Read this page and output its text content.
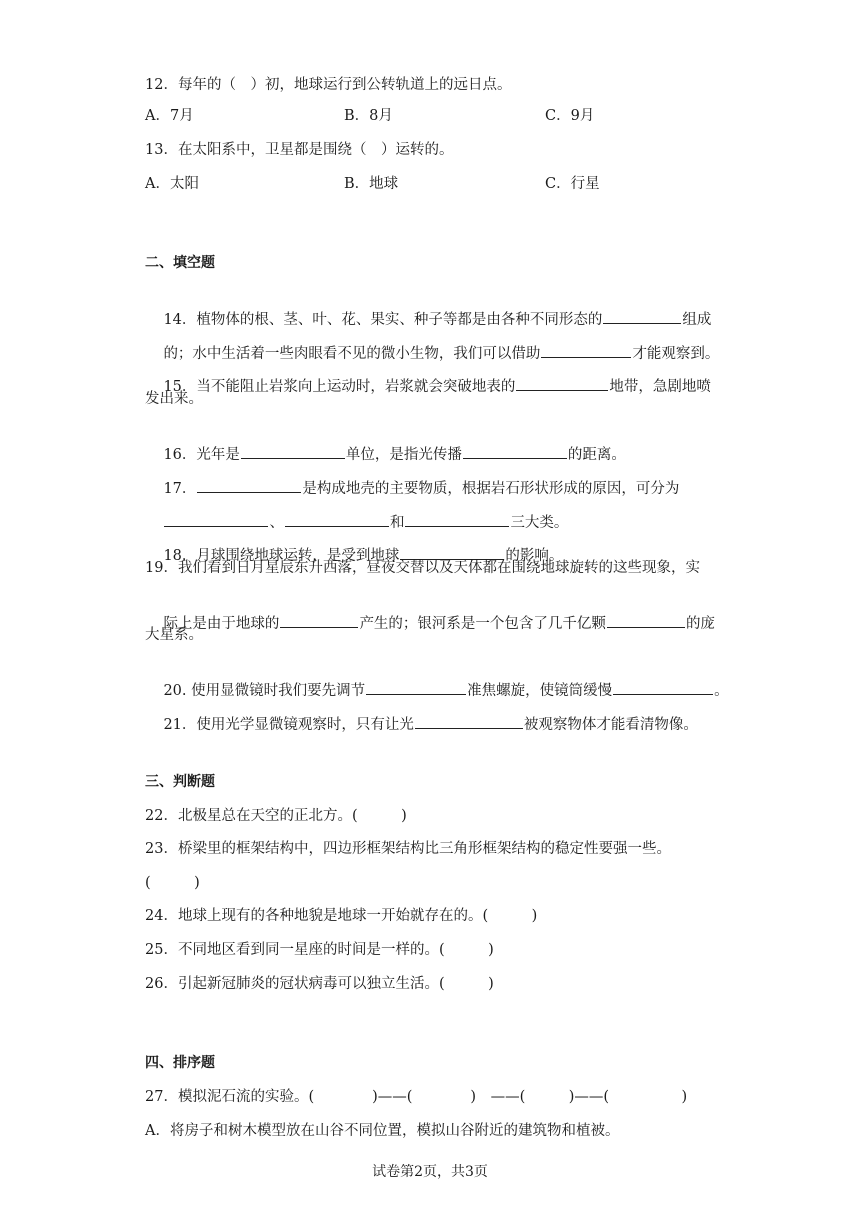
12．每年的（　）初，地球运行到公转轨道上的远日点。
A．7月	B．8月	C．9月
13．在太阳系中，卫星都是围绕（　）运转的。
A．太阳	B．地球	C．行星
二、填空题

14．植物体的根、茎、叶、花、果实、种子等都是由各种不同形态的	组成

的；水中生活着一些肉眼看不见的微小生物，我们可以借助	才能观察到。

15．当不能阻止岩浆向上运动时，岩浆就会突破地表的	地带，急剧地喷

发出来。

16．光年是	单位，是指光传播	的距离。

17．	是构成地壳的主要物质，根据岩石形状形成的原因，可分为

、	和	三大类。

18．月球围绕地球运转，是受到地球	的影响。

19．我们看到日月星辰东升西落，昼夜交替以及天体都在围绕地球旋转的这些现象，实

际上是由于地球的	产生的；银河系是一个包含了几千亿颗	的庞

大星系。

20. 使用显微镜时我们要先调节	准焦螺旋，使镜筒缓慢	。

21．使用光学显微镜观察时，只有让光	被观察物体才能看清物像。

三、判断题
22．北极星总在天空的正北方。(　　　)
23．桥梁里的框架结构中，四边形框架结构比三角形框架结构的稳定性要强一些。
(　　　)
24．地球上现有的各种地貌是地球一开始就存在的。(　　　)
25．不同地区看到同一星座的时间是一样的。(　　　)
26．引起新冠肺炎的冠状病毒可以独立生活。(　　　)
四、排序题
27．模拟泥石流的实验。(　　　　)——(　　　　)　——(　　　)——(　　　　　)
A．将房子和树木模型放在山谷不同位置，模拟山谷附近的建筑物和植被。
试卷第2页，共3页
